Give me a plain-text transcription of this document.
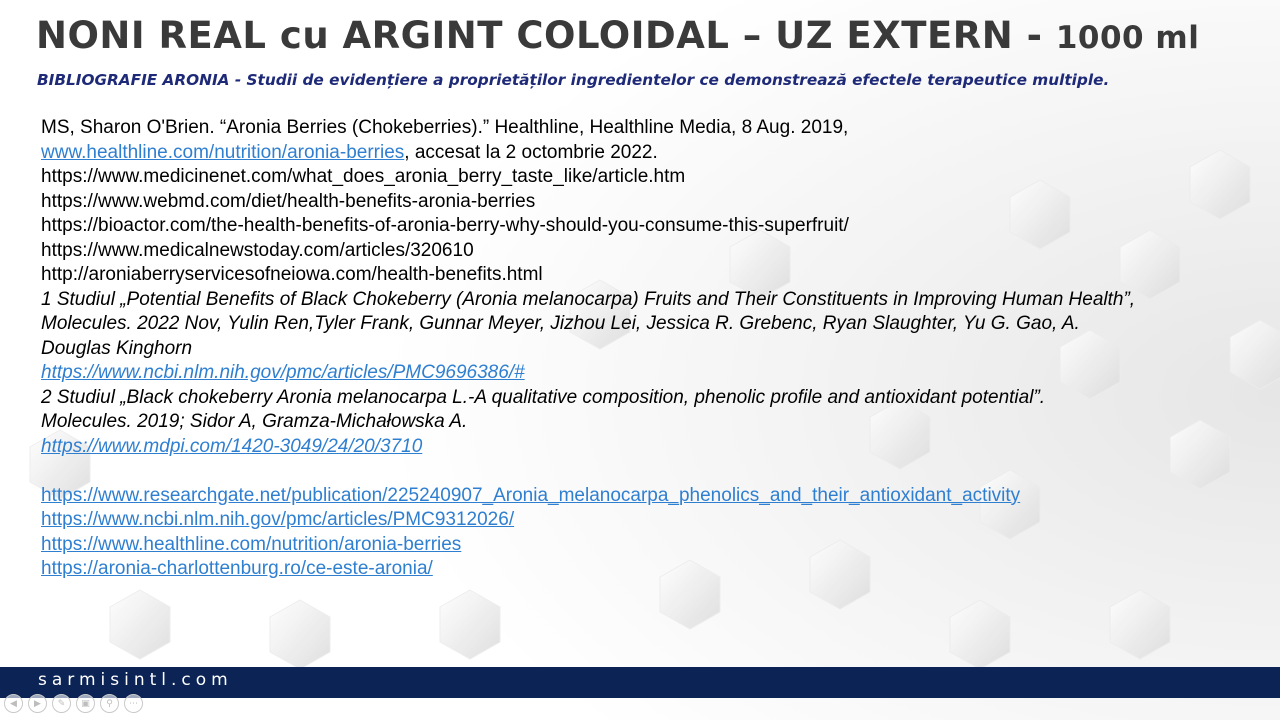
NONI REAL cu ARGINT COLOIDAL – UZ EXTERN - 1000 ml

BIBLIOGRAFIE ARONIA - Studii de evidențiere a proprietăților ingredientelor ce demonstrează efectele terapeutice multiple.

MS, Sharon O'Brien. “Aronia Berries (Chokeberries).” Healthline, Healthline Media, 8 Aug. 2019,
www.healthline.com/nutrition/aronia-berries, accesat la 2 octombrie 2022.
https://www.medicinenet.com/what_does_aronia_berry_taste_like/article.htm
https://www.webmd.com/diet/health-benefits-aronia-berries
https://bioactor.com/the-health-benefits-of-aronia-berry-why-should-you-consume-this-superfruit/
https://www.medicalnewstoday.com/articles/320610
http://aroniaberryservicesofneiowa.com/health-benefits.html
1 Studiul „Potential Benefits of Black Chokeberry (Aronia melanocarpa) Fruits and Their Constituents in Improving Human Health”,
Molecules. 2022 Nov, Yulin Ren,Tyler Frank, Gunnar Meyer, Jizhou Lei, Jessica R. Grebenc, Ryan Slaughter, Yu G. Gao, A.
Douglas Kinghorn
https://www.ncbi.nlm.nih.gov/pmc/articles/PMC9696386/#
2 Studiul „Black chokeberry Aronia melanocarpa L.-A qualitative composition, phenolic profile and antioxidant potential”.
Molecules. 2019; Sidor A, Gramza-Michałowska A.
https://www.mdpi.com/1420-3049/24/20/3710
https://www.researchgate.net/publication/225240907_Aronia_melanocarpa_phenolics_and_their_antioxidant_activity
https://www.ncbi.nlm.nih.gov/pmc/articles/PMC9312026/
https://www.healthline.com/nutrition/aronia-berries
https://aronia-charlottenburg.ro/ce-este-aronia/
sarmisintl.com
◀	▶	✎	▣	⚲	⋯
